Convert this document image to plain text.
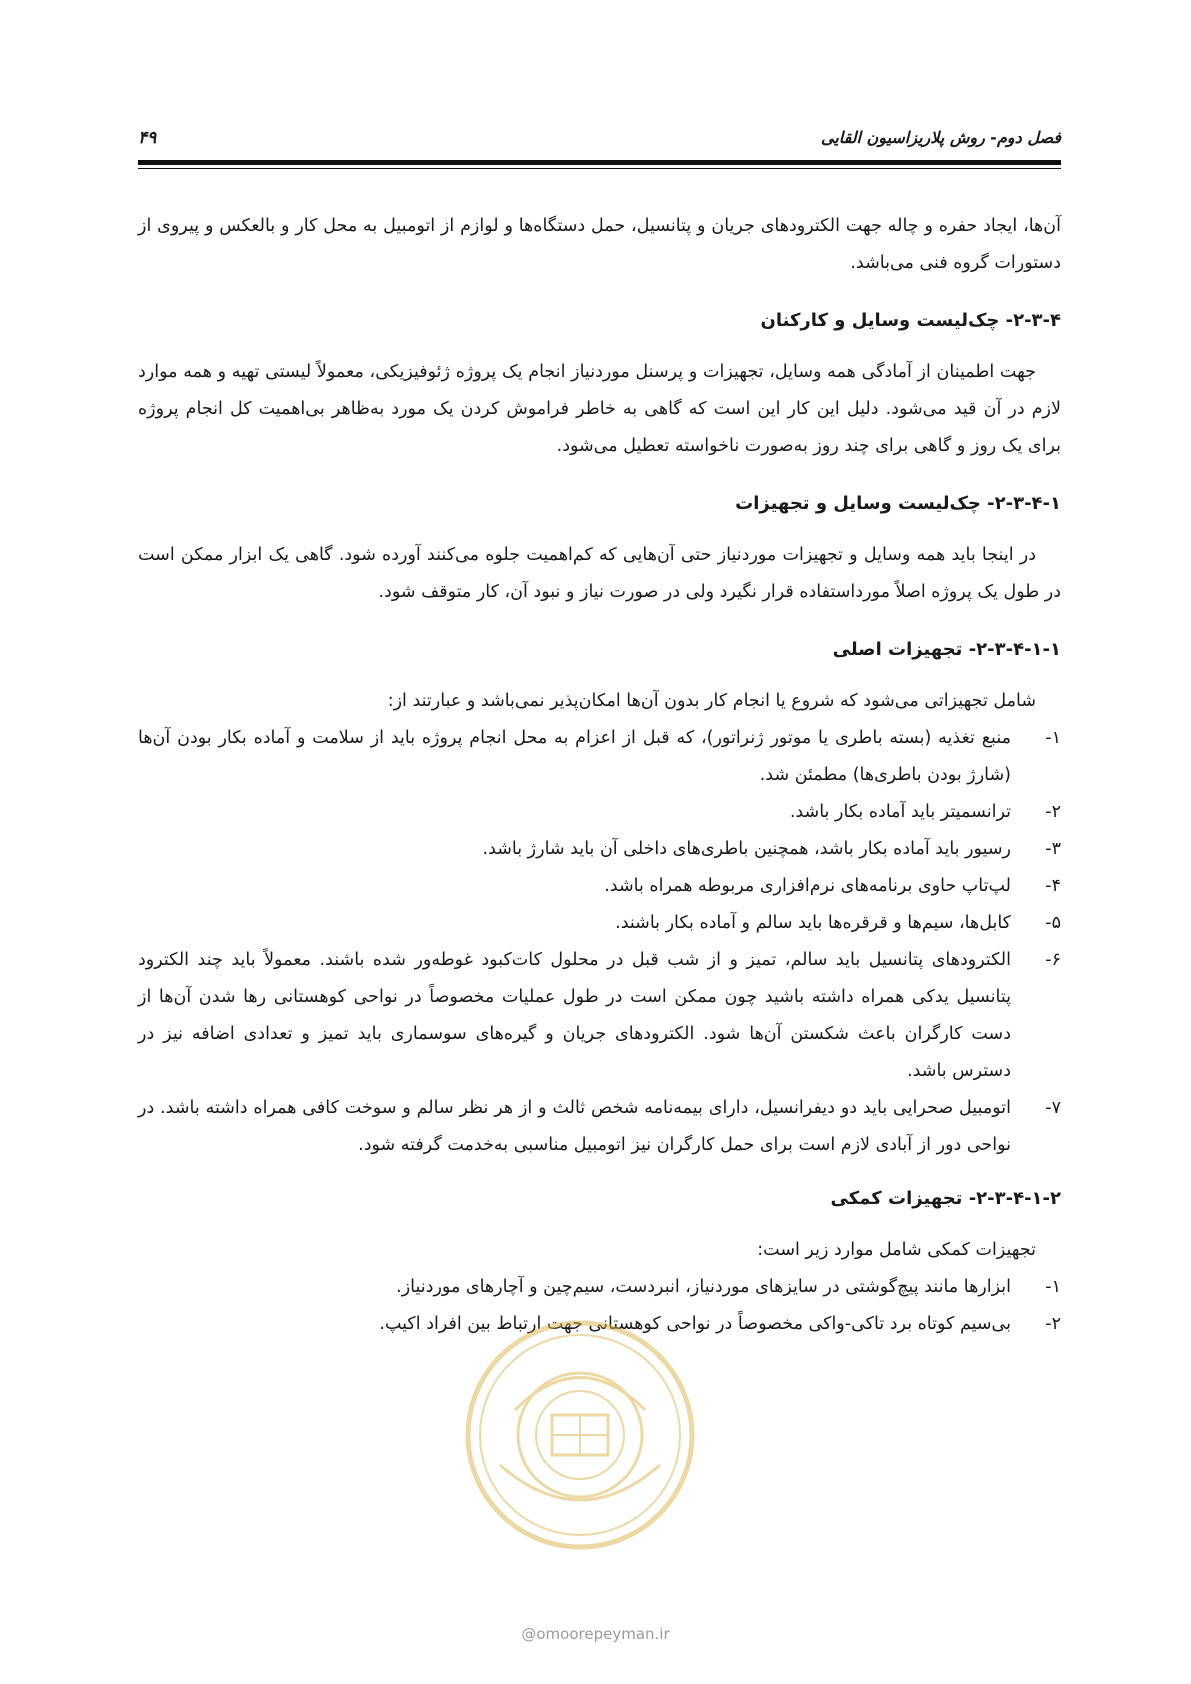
فصل دوم- روش پلاریزاسیون القایی
۴۹

آن‌ها، ایجاد حفره و چاله جهت الکترودهای جریان و پتانسیل، حمل دستگاه‌ها و لوازم از اتومبیل به محل کار و بالعکس و پیروی از دستورات گروه فنی می‌باشد.

۲-۳-۴- چک‌لیست وسایل و کارکنان

جهت اطمینان از آمادگی همه وسایل، تجهیزات و پرسنل موردنیاز انجام یک پروژه ژئوفیزیکی، معمولاً لیستی تهیه و همه موارد لازم در آن قید می‌شود. دلیل این کار این است که گاهی به خاطر فراموش کردن یک مورد به‌ظاهر بی‌اهمیت کل انجام پروژه برای یک روز و گاهی برای چند روز به‌صورت ناخواسته تعطیل می‌شود.

۲-۳-۴-۱- چک‌لیست وسایل و تجهیزات

در اینجا باید همه وسایل و تجهیزات موردنیاز حتی آن‌هایی که کم‌اهمیت جلوه می‌کنند آورده شود. گاهی یک ابزار ممکن است در طول یک پروژه اصلاً مورداستفاده قرار نگیرد ولی در صورت نیاز و نبود آن، کار متوقف شود.

۲-۳-۴-۱-۱- تجهیزات اصلی

شامل تجهیزاتی می‌شود که شروع یا انجام کار بدون آن‌ها امکان‌پذیر نمی‌باشد و عبارتند از:

۱-
منبع تغذیه (بسته باطری یا موتور ژنراتور)، که قبل از اعزام به محل انجام پروژه باید از سلامت و آماده بکار بودن آن‌ها (شارژ بودن باطری‌ها) مطمئن شد.
۲-
ترانسمیتر باید آماده بکار باشد.
۳-
رسیور باید آماده بکار باشد، همچنین باطری‌های داخلی آن باید شارژ باشد.
۴-
لپ‌تاپ حاوی برنامه‌های نرم‌افزاری مربوطه همراه باشد.
۵-
کابل‌ها، سیم‌ها و قرقره‌ها باید سالم و آماده بکار باشند.
۶-
الکترودهای پتانسیل باید سالم، تمیز و از شب قبل در محلول کات‌کبود غوطه‌ور شده باشند. معمولاً باید چند الکترود پتانسیل یدکی همراه داشته باشید چون ممکن است در طول عملیات مخصوصاً در نواحی کوهستانی رها شدن آن‌ها از دست کارگران باعث شکستن آن‌ها شود. الکترودهای جریان و گیره‌های سوسماری باید تمیز و تعدادی اضافه نیز در دسترس باشد.
۷-
اتومبیل صحرایی باید دو دیفرانسیل، دارای بیمه‌نامه شخص ثالث و از هر نظر سالم و سوخت کافی همراه داشته باشد. در نواحی دور از آبادی لازم است برای حمل کارگران نیز اتومبیل مناسبی به‌خدمت گرفته شود.
۲-۳-۴-۱-۲- تجهیزات کمکی

تجهیزات کمکی شامل موارد زیر است:

۱-
ابزارها مانند پیچ‌گوشتی در سایزهای موردنیاز، انبردست، سیم‌چین و آچارهای موردنیاز.
۲-
بی‌سیم کوتاه برد تاکی-واکی مخصوصاً در نواحی کوهستانی جهت ارتباط بین افراد اکیپ.
@omoorepeyman.ir
